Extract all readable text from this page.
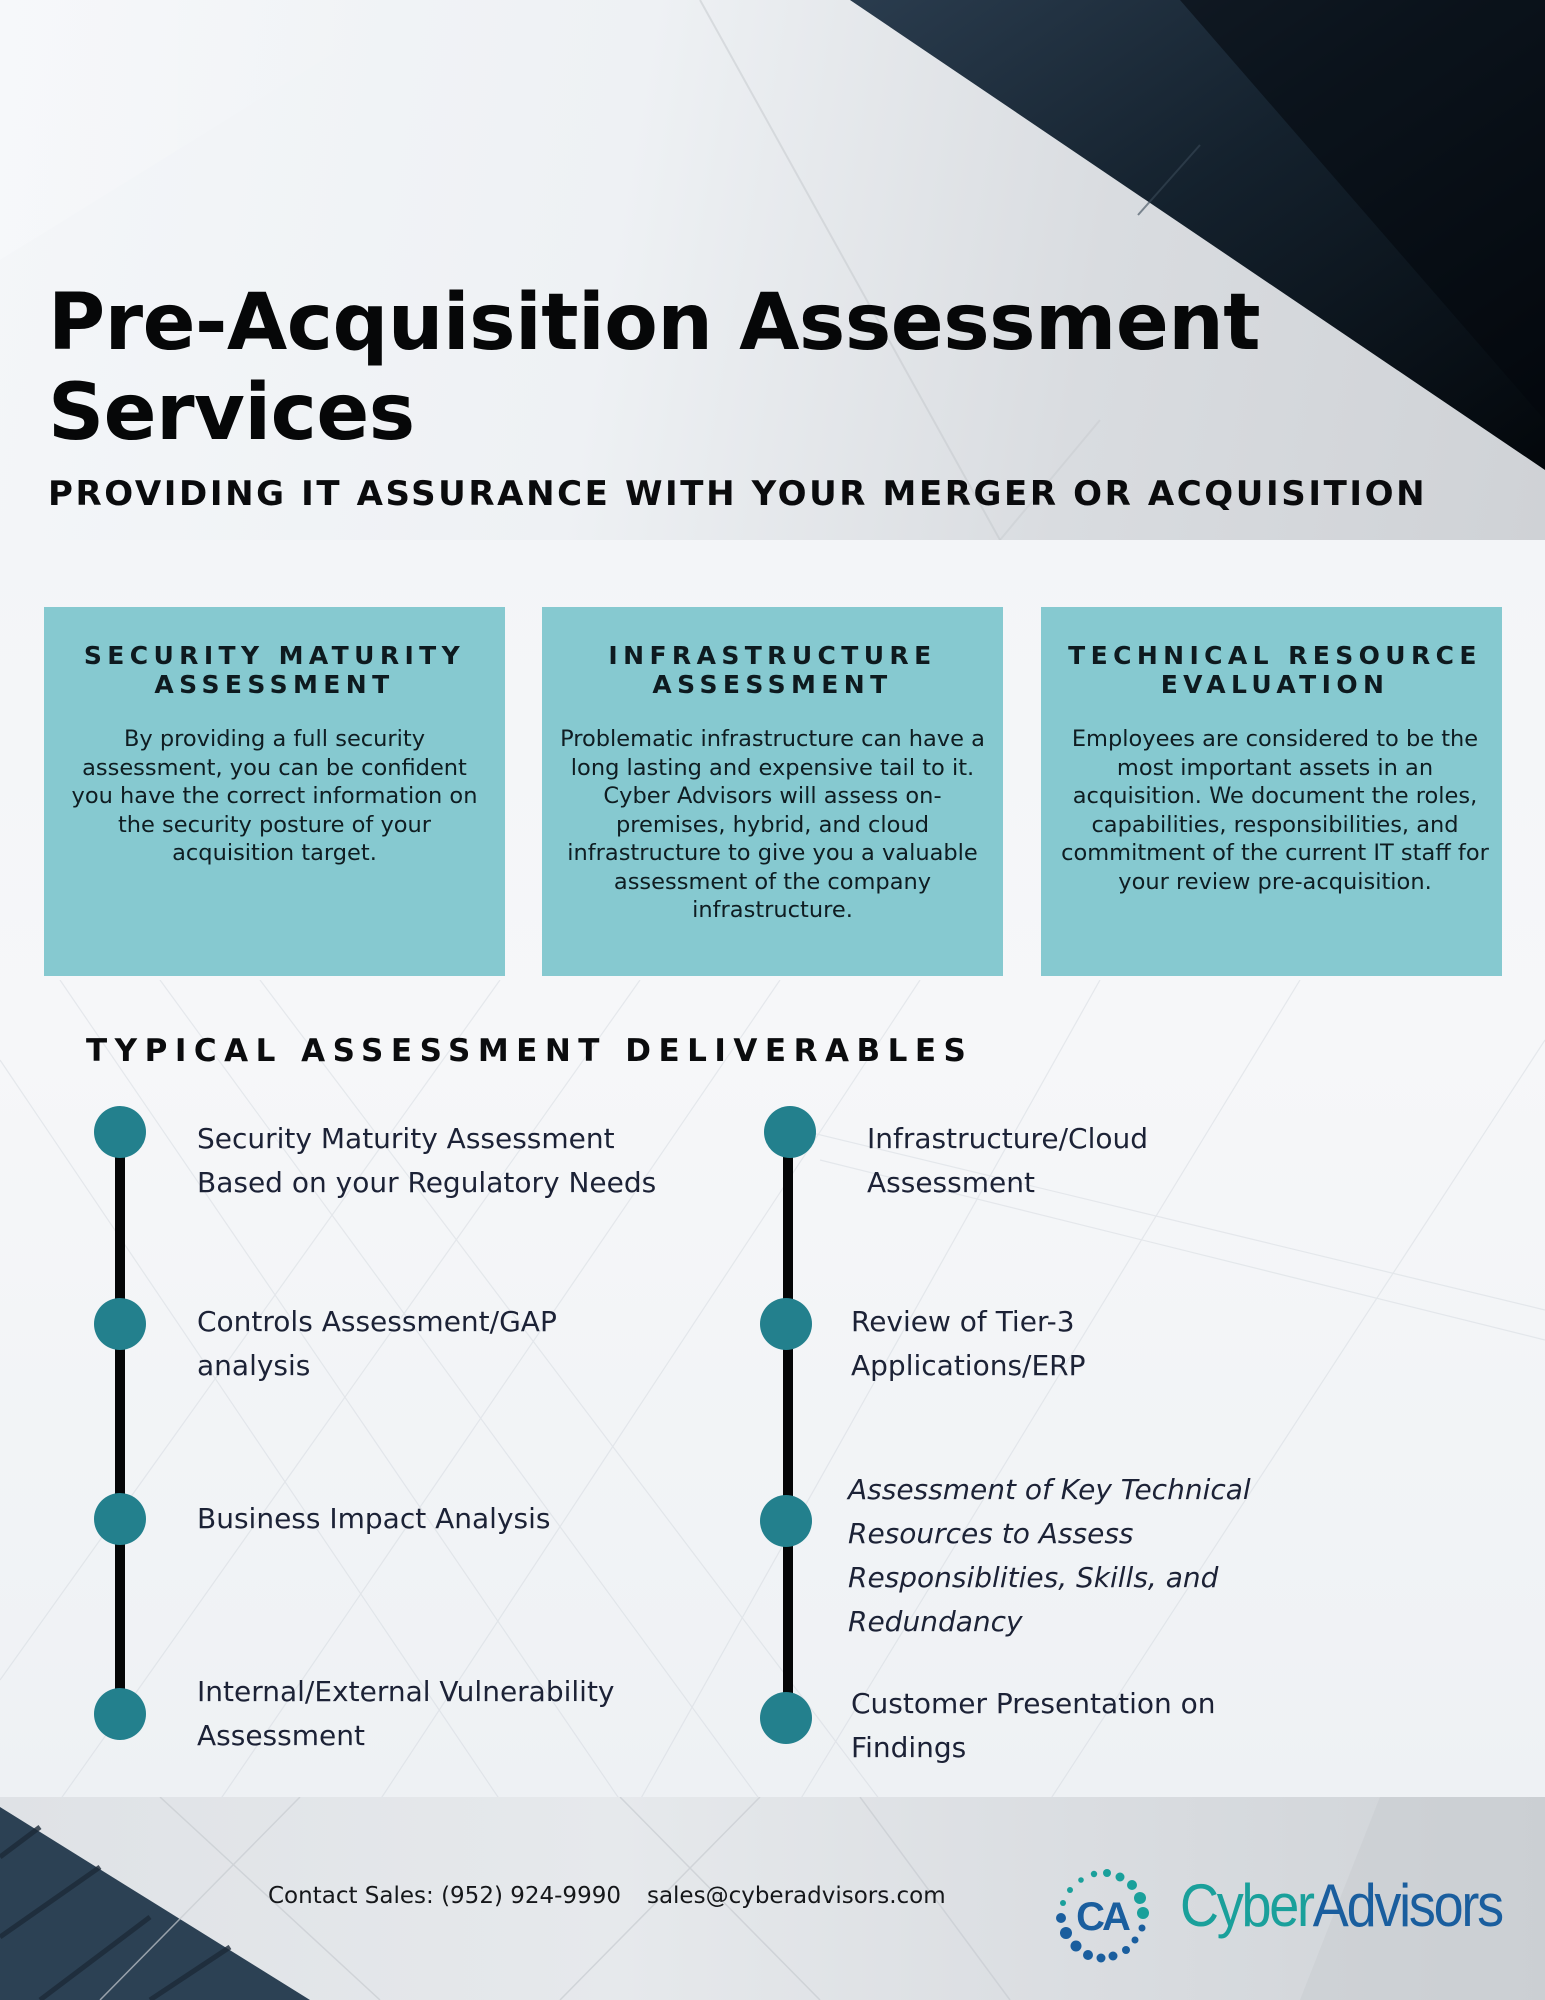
Pre-Acquisition Assessment Services
PROVIDING IT ASSURANCE WITH YOUR MERGER OR ACQUISITION
SECURITY MATURITY ASSESSMENT
By providing a full security assessment, you can be confident you have the correct information on the security posture of your acquisition target.
INFRASTRUCTURE ASSESSMENT
Problematic infrastructure can have a long lasting and expensive tail to it. Cyber Advisors will assess on-premises, hybrid, and cloud infrastructure to give you a valuable assessment of the company infrastructure.
TECHNICAL RESOURCE EVALUATION
Employees are considered to be the most important assets in an acquisition. We document the roles, capabilities, responsibilities, and commitment of the current IT staff for your review pre-acquisition.
TYPICAL ASSESSMENT DELIVERABLES
Security Maturity Assessment Based on your Regulatory Needs
Controls Assessment/GAP analysis
Business Impact Analysis
Internal/External Vulnerability Assessment
Infrastructure/Cloud Assessment
Review of Tier-3 Applications/ERP
Assessment of Key Technical Resources to Assess Responsiblities, Skills, and Redundancy
Customer Presentation on Findings
Contact Sales: (952) 924-9990 sales@cyberadvisors.com	CA CyberAdvisors
